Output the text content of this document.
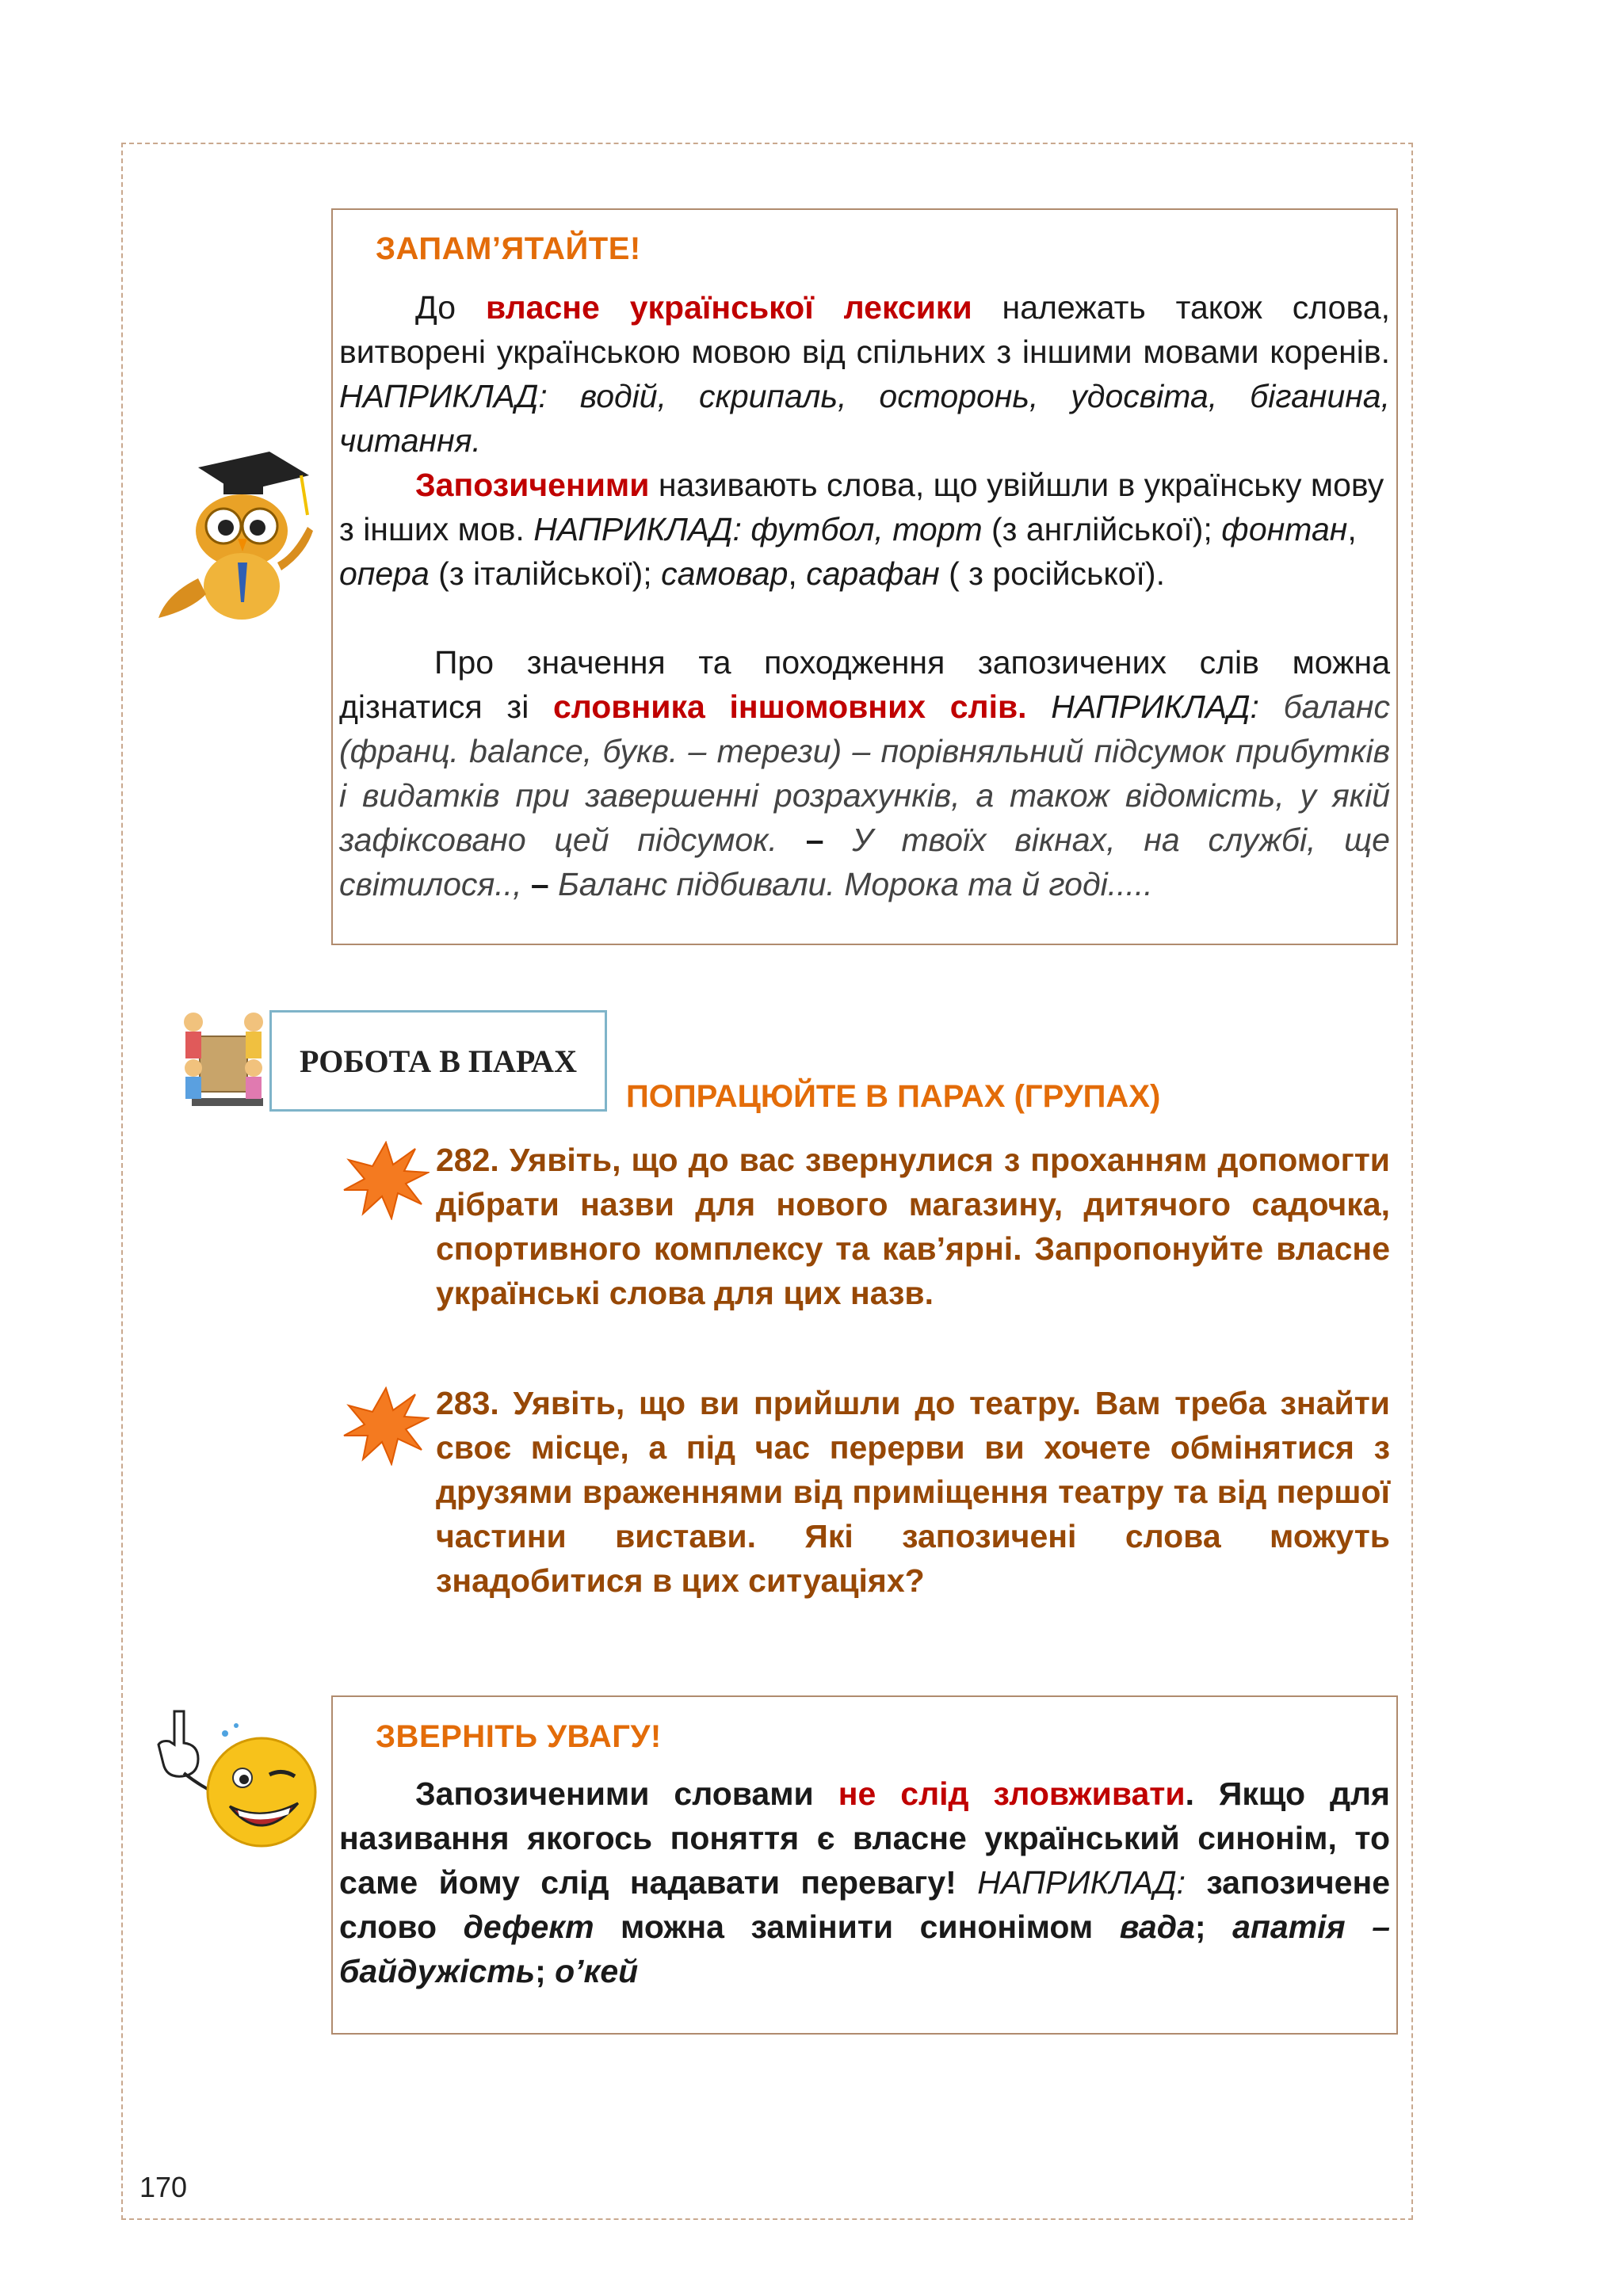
ЗАПАМ’ЯТАЙТЕ!
До власне української лексики належать також слова, витворені українською мовою від спільних з іншими мовами коренів. НАПРИКЛАД: водій, скрипаль, осторонь, удосвіта, біганина, читання.
Запозиченими називають слова, що увійшли в українську мову з інших мов. НАПРИКЛАД: футбол, торт (з англійської); фонтан, опера (з італійської); самовар, сарафан ( з російської).
Про значення та походження запозичених слів можна дізнатися зі словника іншомовних слів. НАПРИКЛАД: баланс (франц. balance, букв. – терези) – порівняльний підсумок прибутків і видатків при завершенні розрахунків, а також відомість, у якій зафіксовано цей підсумок. – У твоїх вікнах, на службі, ще світилося.., – Баланс підбивали. Морока та й годі.....
РОБОТА В ПАРАХ
ПОПРАЦЮЙТЕ В ПАРАХ (ГРУПАХ)
282. Уявіть, що до вас звернулися з проханням допомогти дібрати назви для нового магазину, дитячого садочка, спортивного комплексу та кав’ярні. Запропонуйте власне українські слова для цих назв.
283. Уявіть, що ви прийшли до театру. Вам треба знайти своє місце, а під час перерви ви хочете обмінятися з друзями враженнями від приміщення театру та від першої частини вистави. Які запозичені слова можуть знадобитися в цих ситуаціях?
ЗВЕРНІТЬ УВАГУ!
Запозиченими словами не слід зловживати. Якщо для називання якогось поняття є власне український синонім, то саме йому слід надавати перевагу! НАПРИКЛАД: запозичене слово дефект можна замінити синонімом вада; апатія – байдужість; о’кей
170
